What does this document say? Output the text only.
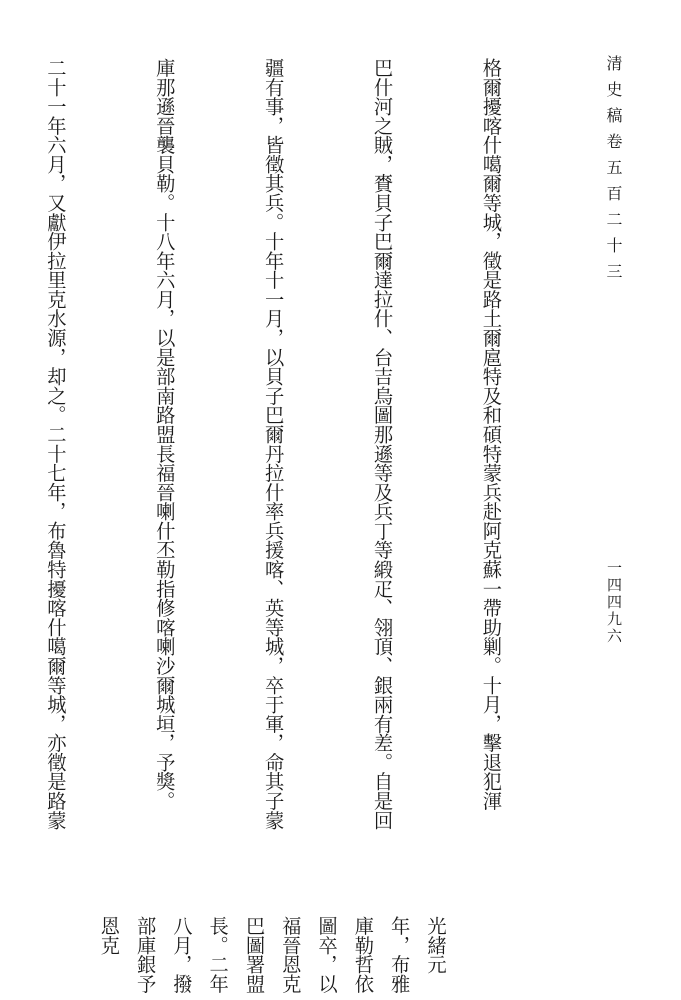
清史稿卷五百二十三
一四四九六

格爾擾喀什噶爾等城，徵是路土爾扈特及和碩特蒙兵赴阿克蘇一帶助剿。十月，擊退犯渾

巴什河之賊，賚貝子巴爾達拉什、台吉烏圖那遜等及兵丁等緞疋、翎頂、銀兩有差。自是回

疆有事，皆徵其兵。十年十一月，以貝子巴爾丹拉什率兵援喀、英等城，卒于軍，命其子蒙

庫那遜晉襲貝勒。十八年六月，以是部南路盟長福晉喇什丕勒指修喀喇沙爾城垣，予獎。

二十一年六月，又獻伊拉里克水源，却之。二十七年，布魯特擾喀什噶爾等城，亦徵是路蒙

光緒元年，布雅庫勒哲依圖卒，以福晉恩克巴圖署盟長。二年八月，撥部庫銀予恩克
